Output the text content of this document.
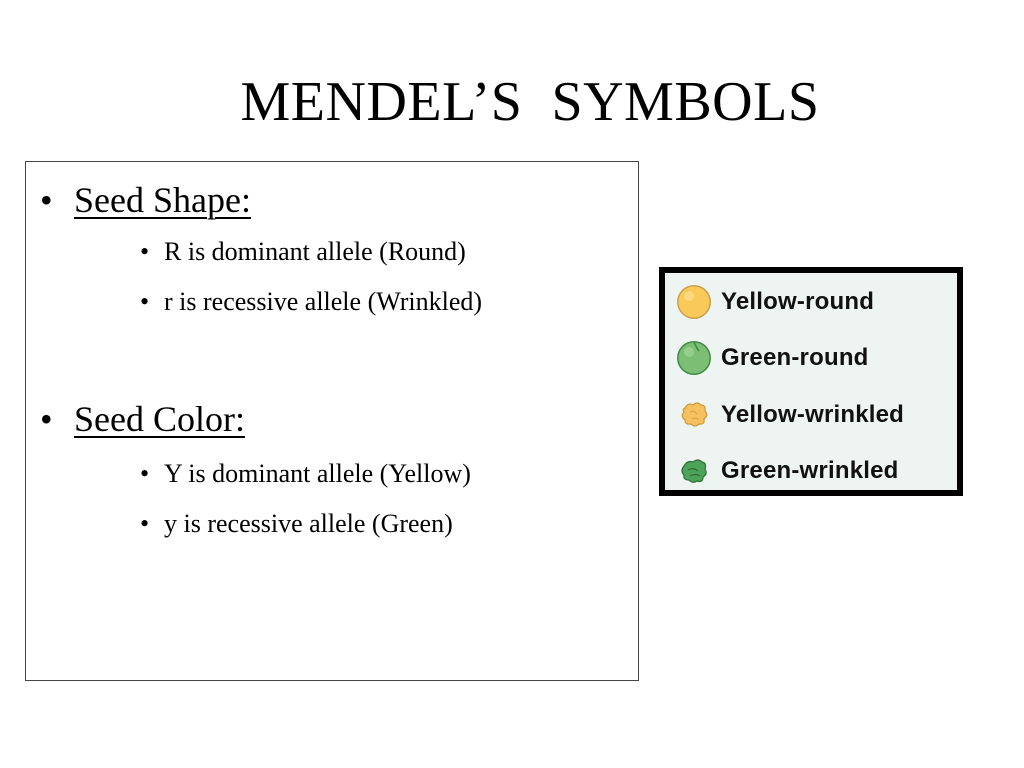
MENDEL’S  SYMBOLS
• Seed Shape:
• R is dominant allele (Round)
• r is recessive allele (Wrinkled)
• Seed Color:
• Y is dominant allele (Yellow)
• y is recessive allele (Green)
Yellow-round
Green-round
Yellow-wrinkled
Green-wrinkled
